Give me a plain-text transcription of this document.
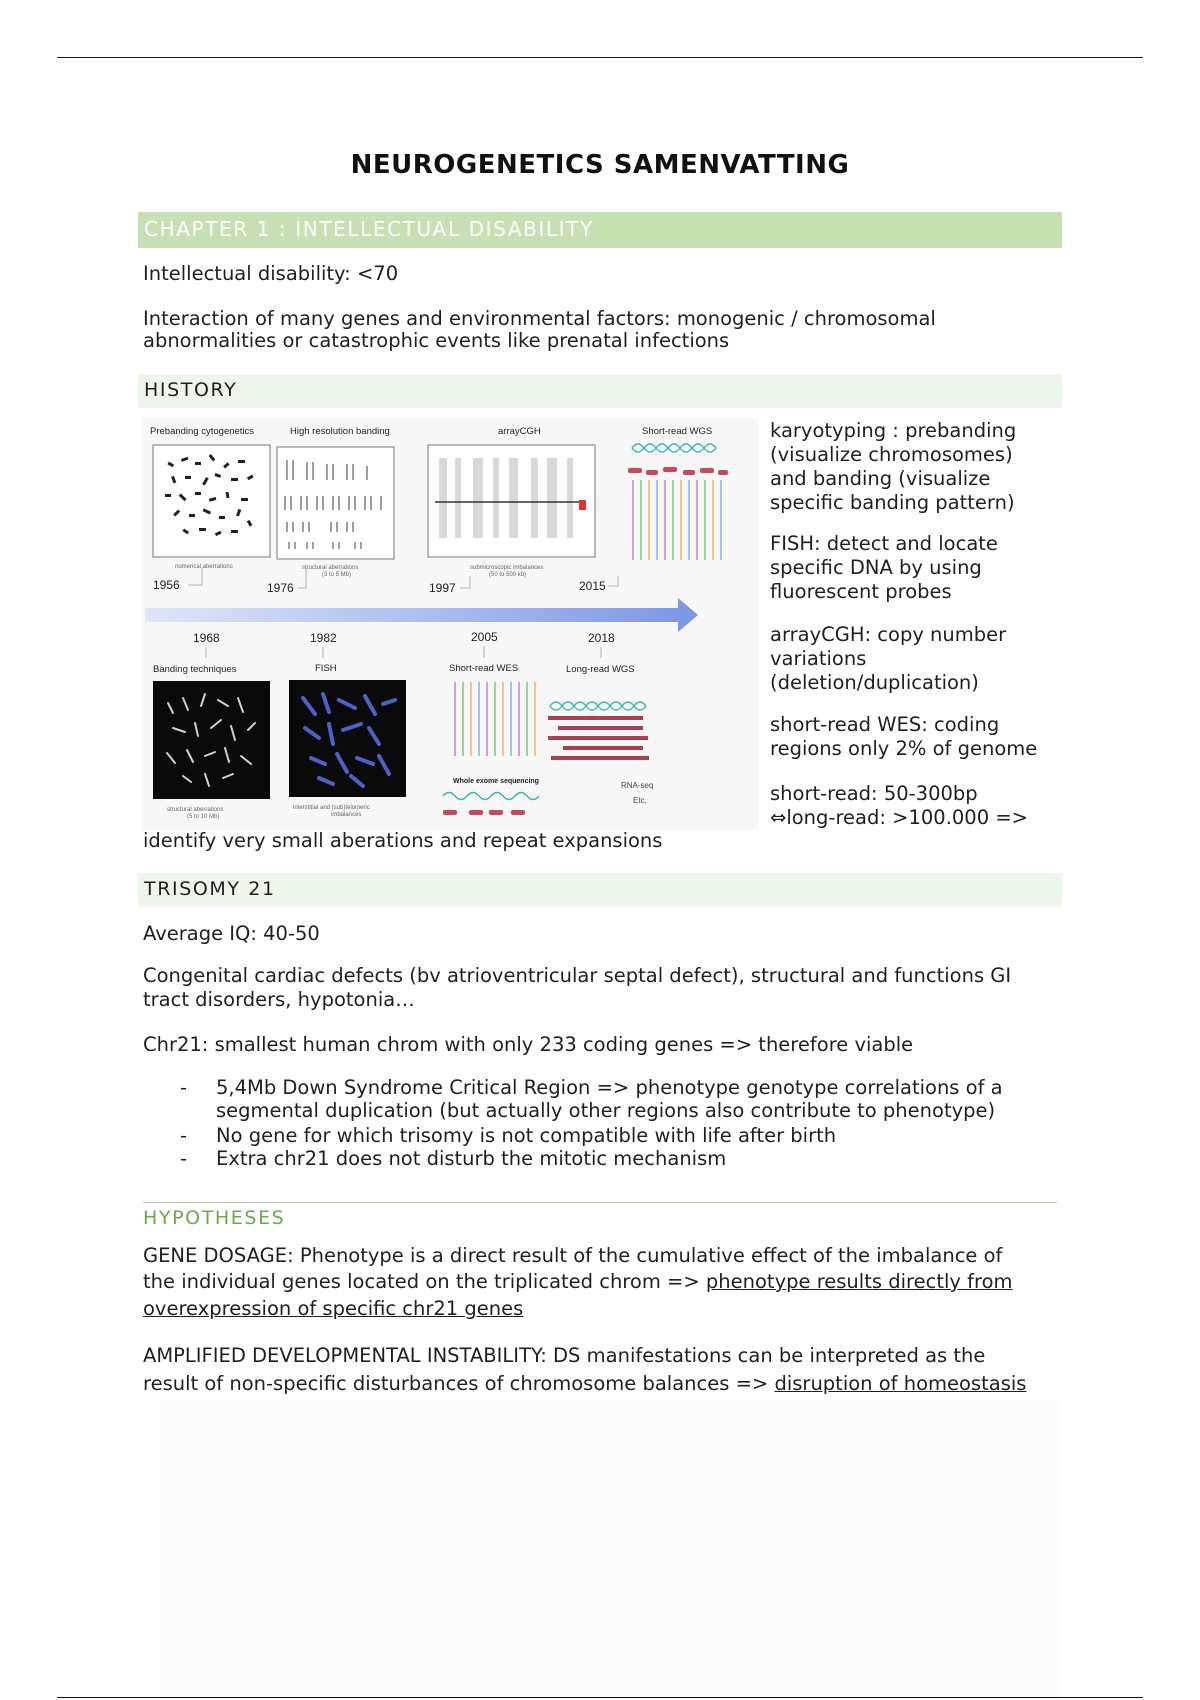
NEUROGENETICS SAMENVATTING
CHAPTER 1 : INTELLECTUAL DISABILITY
Intellectual disability: <70
Interaction of many genes and environmental factors: monogenic / chromosomal
abnormalities or catastrophic events like prenatal infections
HISTORY
Prebanding cytogenetics	High resolution banding	arrayCGH	Short-read WGS
numerical aberrations	structural aberrations
(3 to 5 Mb)
submicroscopic imbalances
(50 to 500 kb)
1956	1976	1997	2015
1968	1982	2005	2018
Banding techniques	FISH	Short-read WES	Long-read WGS
structural aberrations
(5 to 10 Mb)
interstitial and (sub)telomeric
imbalances
Whole exome sequencing	RNA-seq
Etc.
karyotyping : prebanding
(visualize chromosomes)
and banding (visualize
specific banding pattern)
FISH: detect and locate
specific DNA by using
fluorescent probes
arrayCGH: copy number
variations
(deletion/duplication)
short-read WES: coding
regions only 2% of genome
short-read: 50-300bp
⇔long-read: >100.000 =>
identify very small aberations and repeat expansions
TRISOMY 21
Average IQ: 40-50
Congenital cardiac defects (bv atrioventricular septal defect), structural and functions GI
tract disorders, hypotonia…
Chr21: smallest human chrom with only 233 coding genes => therefore viable
- 5,4Mb Down Syndrome Critical Region => phenotype genotype correlations of a
segmental duplication (but actually other regions also contribute to phenotype)
- No gene for which trisomy is not compatible with life after birth
- Extra chr21 does not disturb the mitotic mechanism
HYPOTHESES
GENE DOSAGE: Phenotype is a direct result of the cumulative effect of the imbalance of
the individual genes located on the triplicated chrom => phenotype results directly from
overexpression of specific chr21 genes
AMPLIFIED DEVELOPMENTAL INSTABILITY: DS manifestations can be interpreted as the
result of non-specific disturbances of chromosome balances => disruption of homeostasis
